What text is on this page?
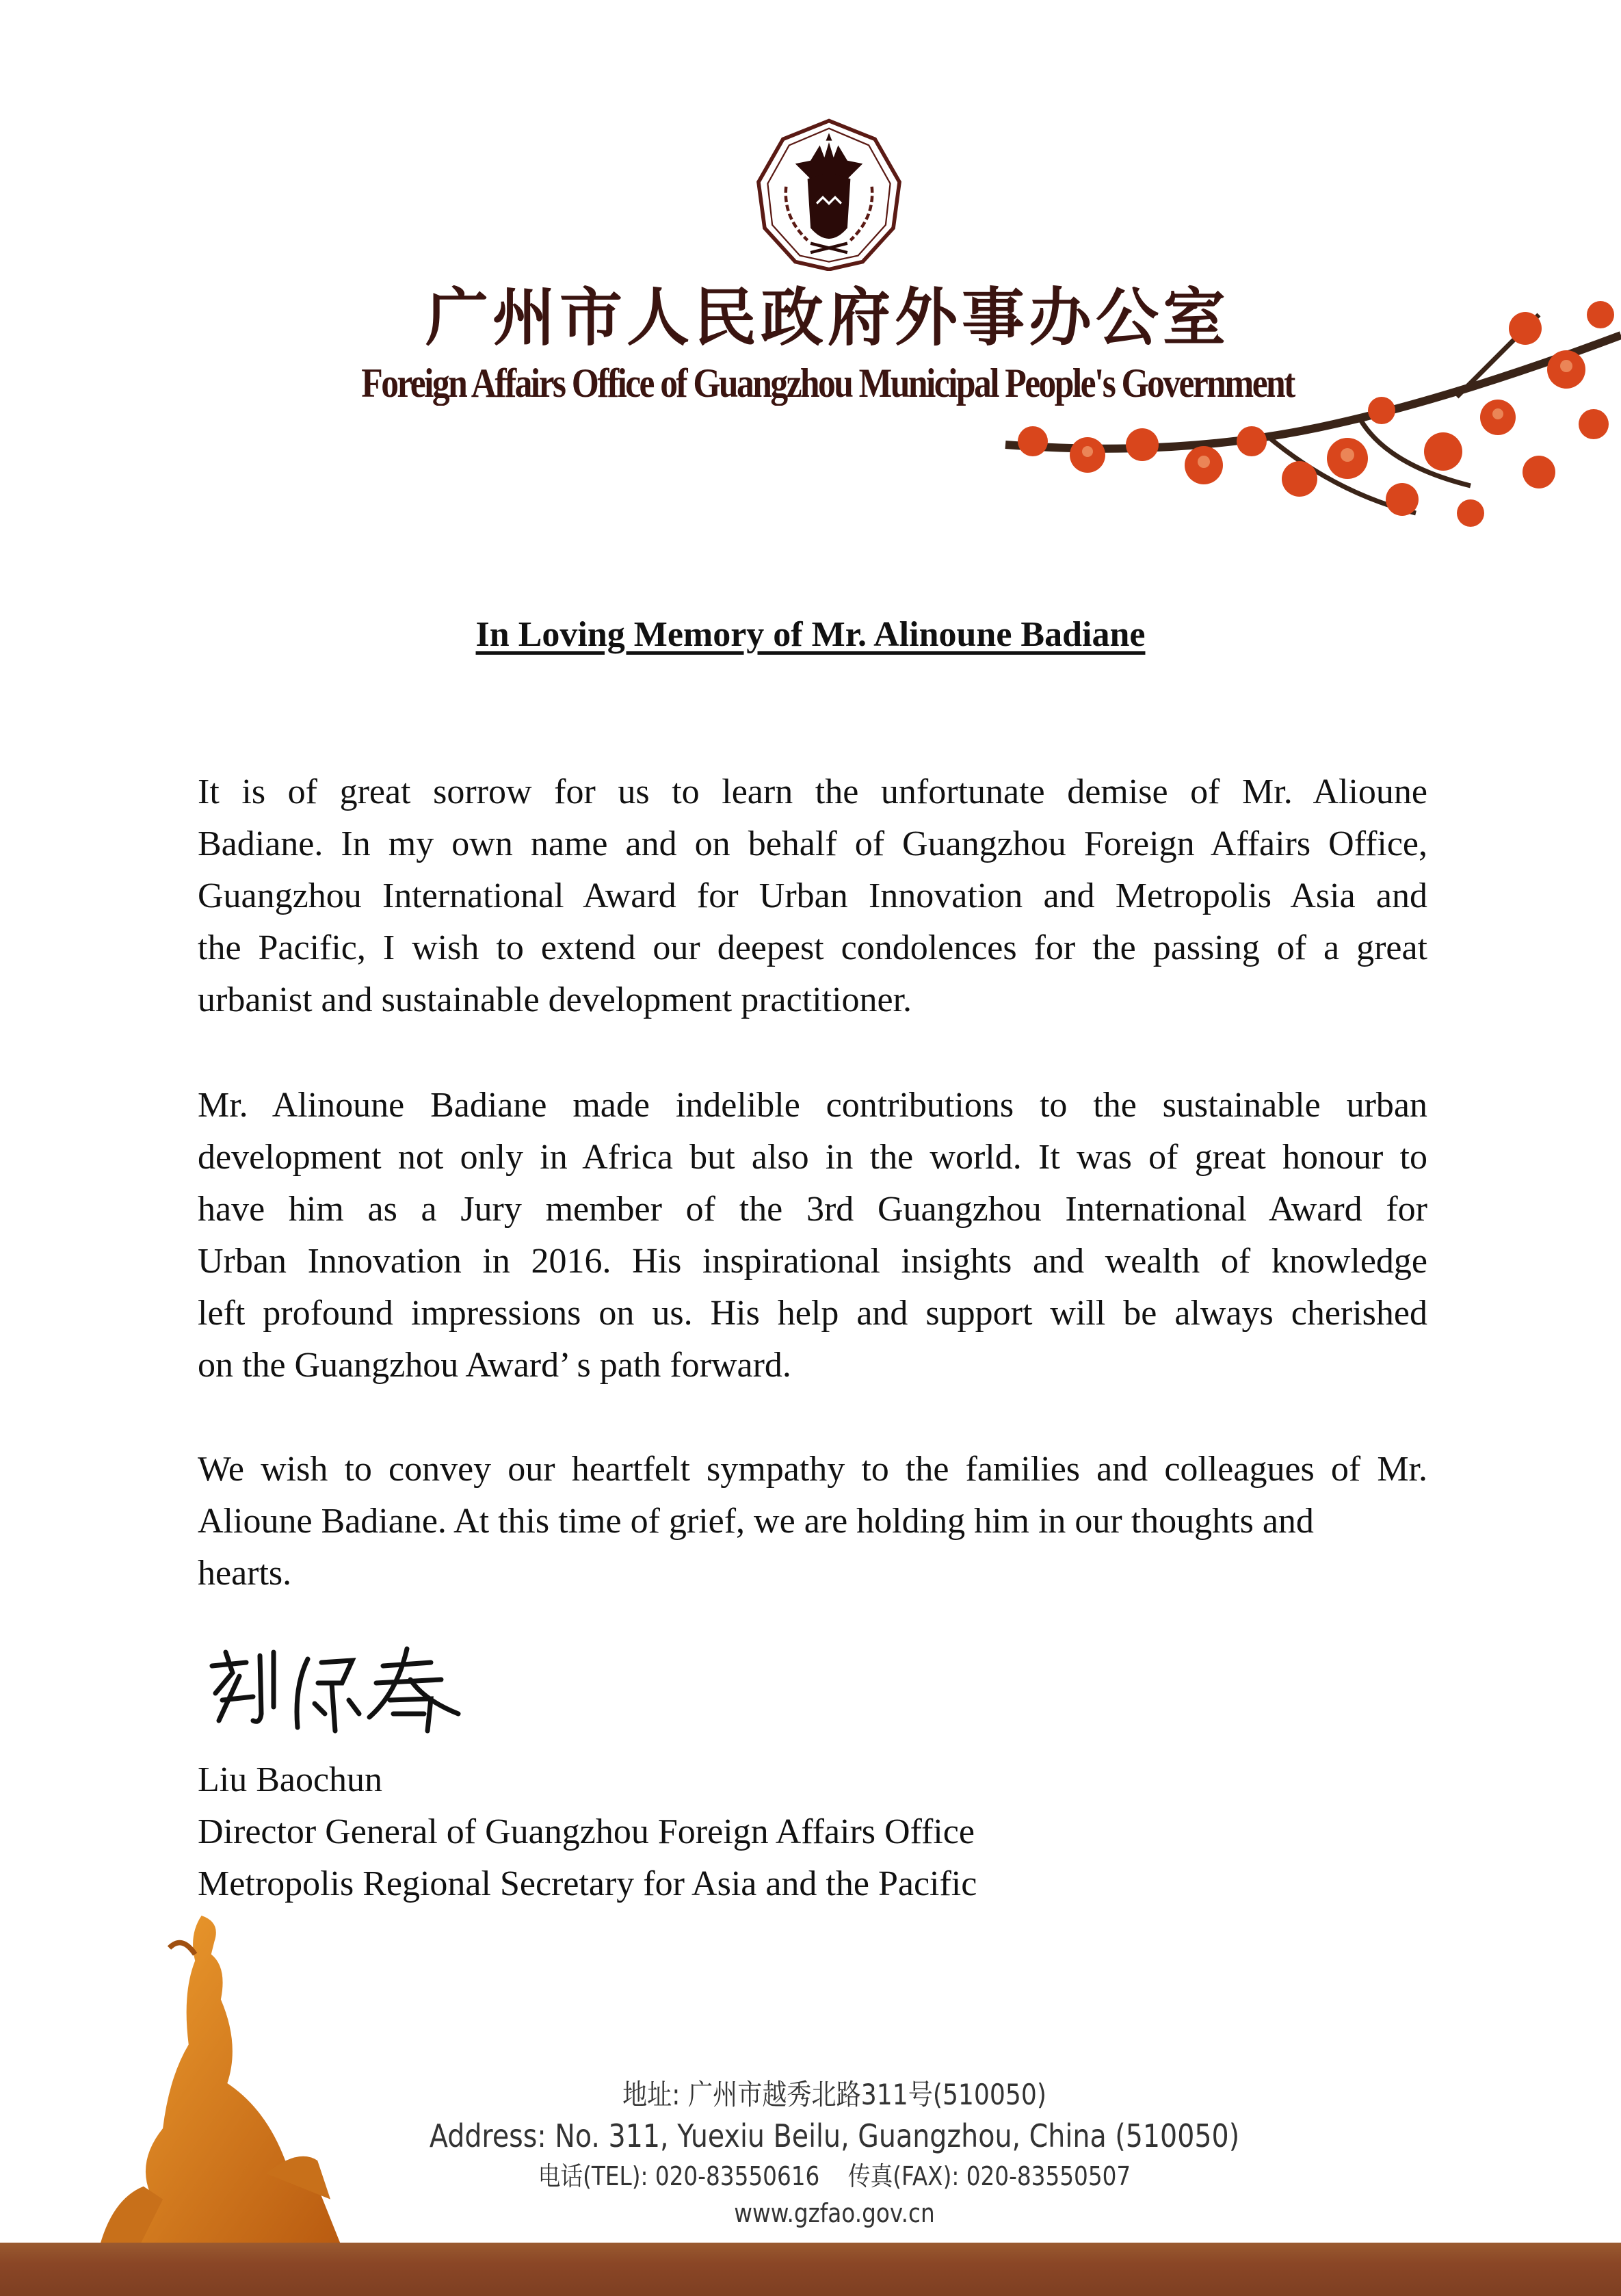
广州市人民政府外事办公室
Foreign Affairs Office of Guangzhou Municipal People's Government
In Loving Memory of Mr. Alinoune Badiane
It is of great sorrow for us to learn the unfortunate demise of Mr. Alioune
Badiane. In my own name and on behalf of Guangzhou Foreign Affairs Office,
Guangzhou International Award for Urban Innovation and Metropolis Asia and
the Pacific, I wish to extend our deepest condolences for the passing of a great
urbanist and sustainable development practitioner.
Mr. Alinoune Badiane made indelible contributions to the sustainable urban
development not only in Africa but also in the world. It was of great honour to
have him as a Jury member of the 3rd Guangzhou International Award for
Urban Innovation in 2016. His inspirational insights and wealth of knowledge
left profound impressions on us. His help and support will be always cherished
on the Guangzhou Award’ s path forward.
We wish to convey our heartfelt sympathy to the families and colleagues of Mr.
Alioune Badiane. At this time of grief, we are holding him in our thoughts and
hearts.
Liu Baochun
Director General of Guangzhou Foreign Affairs Office
Metropolis Regional Secretary for Asia and the Pacific
地址: 广州市越秀北路311号(510050)
Address: No. 311, Yuexiu Beilu, Guangzhou, China (510050)
电话(TEL): 020-83550616 传真(FAX): 020-83550507
www.gzfao.gov.cn
